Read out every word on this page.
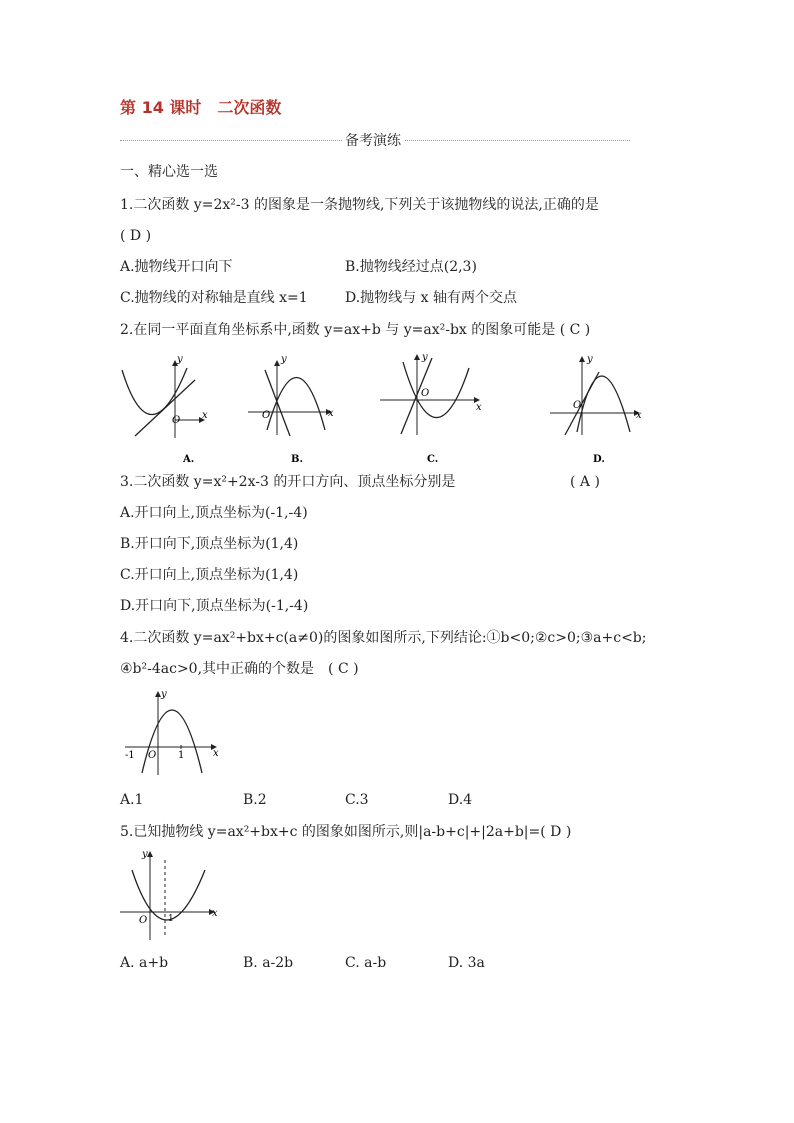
第 14 课时　二次函数
备考演练
一、精心选一选
1.二次函数 y=2x²-3 的图象是一条抛物线,下列关于该抛物线的说法,正确的是
( D )
A.抛物线开口向下	B.抛物线经过点(2,3)
C.抛物线的对称轴是直线 x=1	D.抛物线与 x 轴有两个交点
2.在同一平面直角坐标系中,函数 y=ax+b 与 y=ax²-bx 的图象可能是 ( C )
y
x
O
A.
y
x
O
B.
y
x
O
C.
y
x
O
D.
3.二次函数 y=x²+2x-3 的开口方向、顶点坐标分别是	( A )
A.开口向上,顶点坐标为(-1,-4)
B.开口向下,顶点坐标为(1,4)
C.开口向上,顶点坐标为(1,4)
D.开口向下,顶点坐标为(-1,-4)
4.二次函数 y=ax²+bx+c(a≠0)的图象如图所示,下列结论:①b<0;②c>0;③a+c<b;
④b²-4ac>0,其中正确的个数是　( C )
y
x
-1 O 1
A.1	B.2	C.3	D.4
5.已知抛物线 y=ax²+bx+c 的图象如图所示,则|a-b+c|+|2a+b|=( D )
y
x
O 1
A. a+b	B. a-2b	C. a-b	D. 3a
